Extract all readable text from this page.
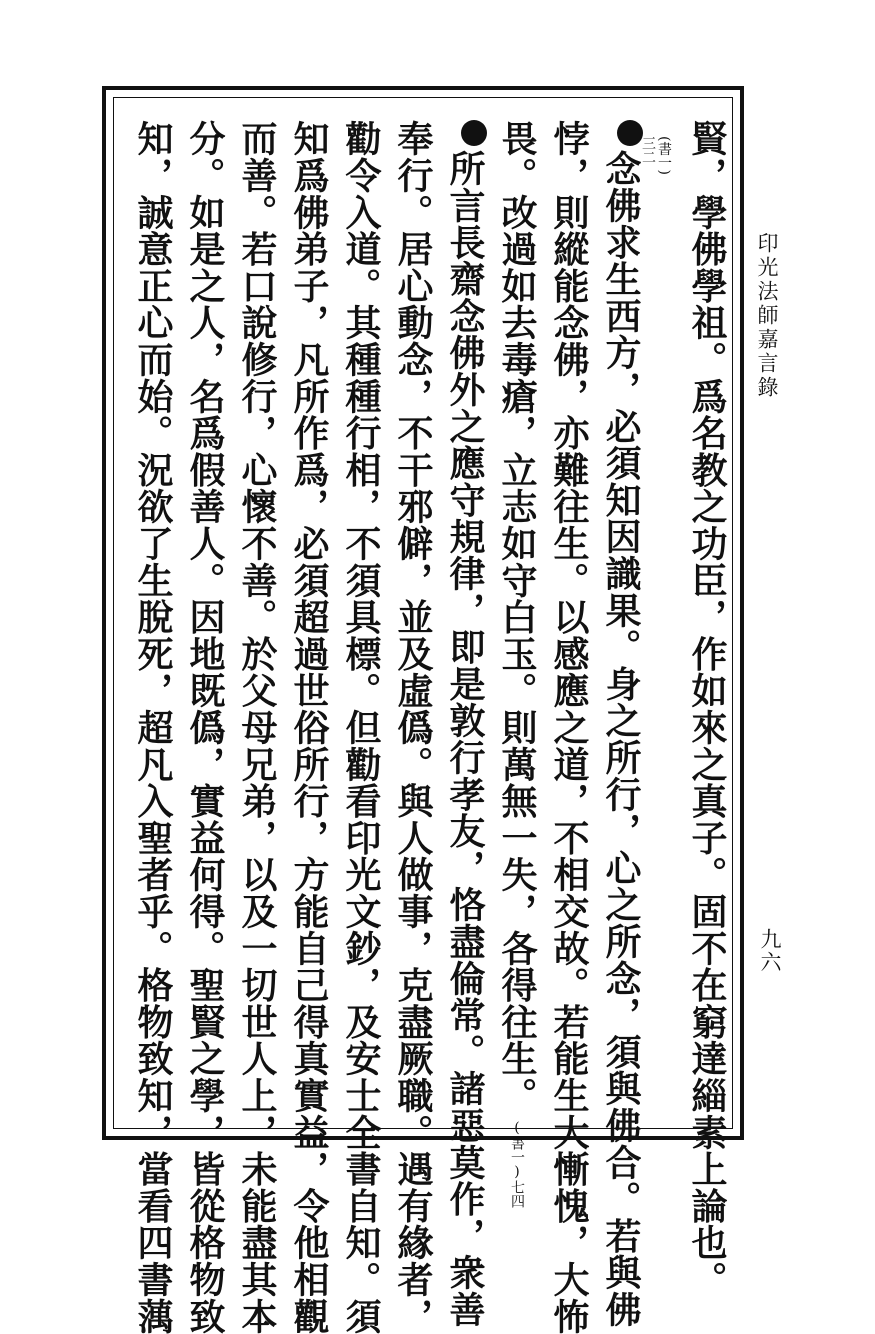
印光法師嘉言錄
九六
賢，學佛學祖。爲名教之功臣，作如來之真子。固不在窮達緇素上論也。
(書一)
三二
念佛求生西方，必須知因識果。身之所行，心之所念，須與佛合。若與佛
悖，則縱能念佛，亦難往生。以感應之道，不相交故。若能生大慚愧，大怖
畏。改過如去毒瘡，立志如守白玉。則萬無一失，各得往生。(書一)七四
所言長齋念佛外之應守規律，即是敦行孝友，恪盡倫常。諸惡莫作，衆善
奉行。居心動念，不干邪僻，並及虛僞。與人做事，克盡厥職。遇有緣者，
勸令入道。其種種行相，不須具標。但勸看印光文鈔，及安士全書自知。須
知爲佛弟子，凡所作爲，必須超過世俗所行，方能自己得真實益，令他相觀
而善。若口說修行，心懷不善。於父母兄弟，以及一切世人上，未能盡其本
分。如是之人，名爲假善人。因地既僞，實益何得。聖賢之學，皆從格物致
知，誠意正心而始。況欲了生脫死，超凡入聖者乎。格物致知，當看四書蕅
